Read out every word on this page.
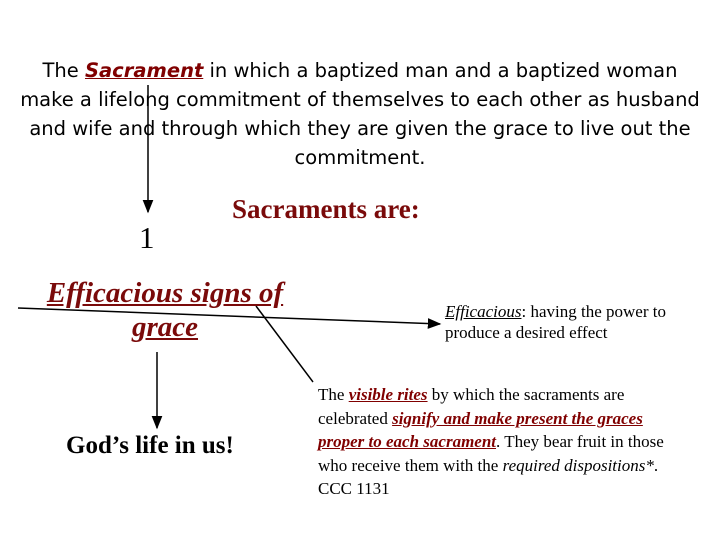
The Sacrament in which a baptized man and a baptized woman make a lifelong commitment of themselves to each other as husband and wife and through which they are given the grace to live out the commitment.
Sacraments are:
1
Efficacious signs of grace	Efficacious: having the power to produce a desired effect
God’s life in us!
The visible rites by which the sacraments are celebrated signify and make present the graces proper to each sacrament. They bear fruit in those who receive them with the required dispositions*. CCC 1131
